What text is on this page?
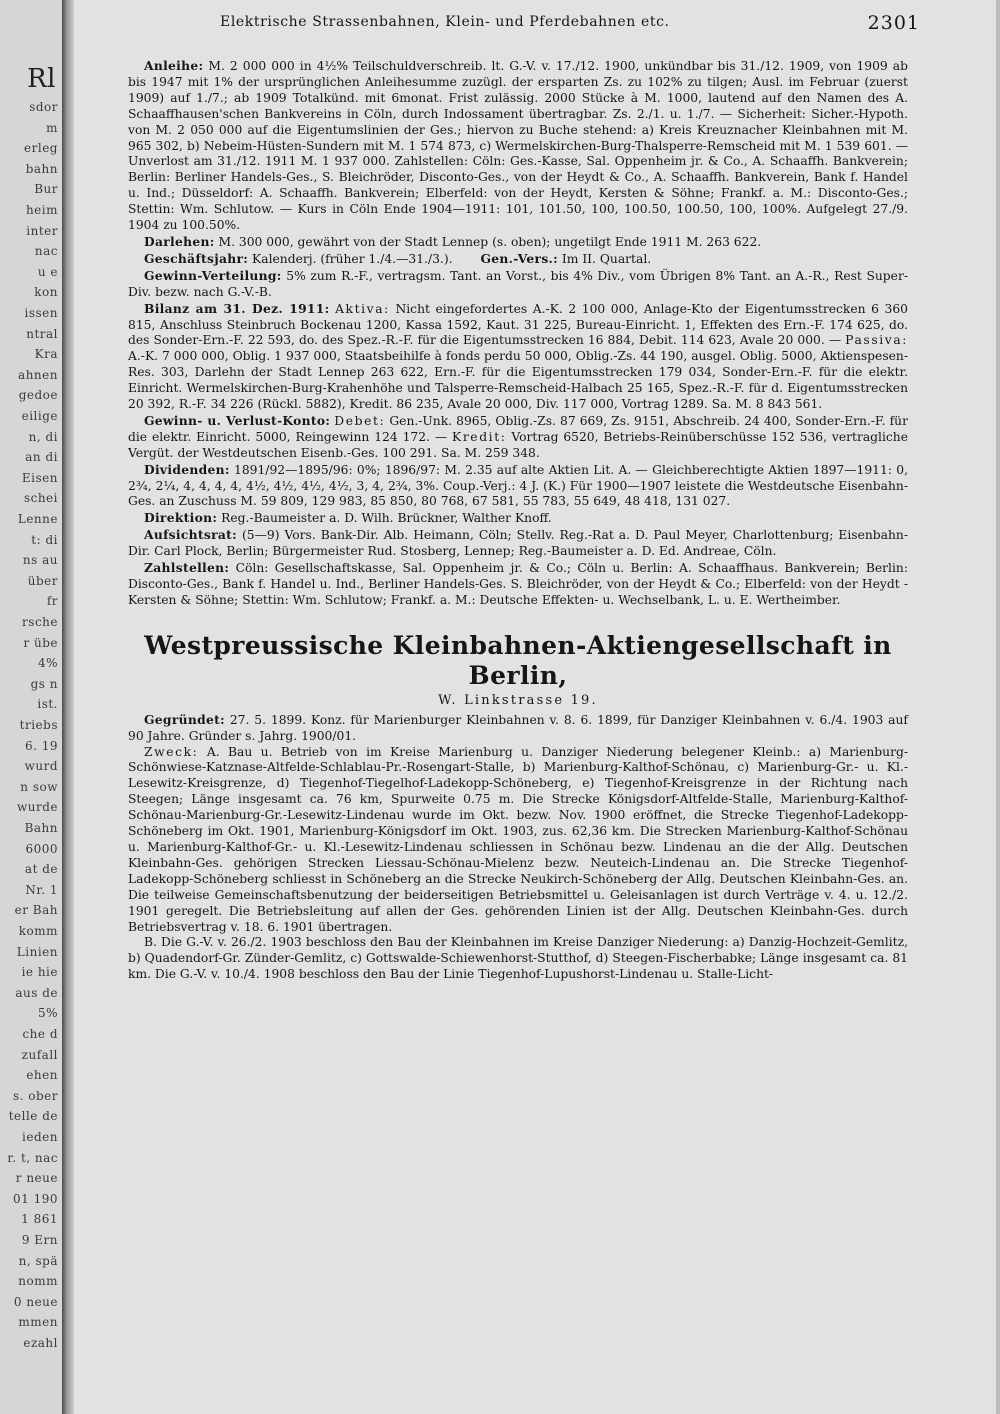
Rl
sdor
m
erleg
bahn
Bur
heim
inter
nac
u e
kon
issen
ntral
Kra
ahnen
gedoe
eilige
n, di
an di
Eisen
schei
Lenne
t: di
ns au
über
fr
rsche
r übe
4%
gs n
ist.
triebs
6. 19
wurd
n sow
wurde
Bahn
6000
at de
Nr. 1
er Bah
komm
Linien
ie hie
aus de
5%
che d
zufall
ehen
s. ober
telle de
ieden
r. t, nac
r neue
01 190
1 861
9 Ern
n, spä
nomm
0 neue
mmen
ezahl
Elektrische Strassenbahnen, Klein- und Pferdebahnen etc.	2301

Anleihe: M. 2 000 000 in 4½% Teilschuldverschreib. lt. G.-V. v. 17./12. 1900, unkündbar bis 31./12. 1909, von 1909 ab bis 1947 mit 1% der ursprünglichen Anleihesumme zuzügl. der ersparten Zs. zu 102% zu tilgen; Ausl. im Februar (zuerst 1909) auf 1./7.; ab 1909 Totalkünd. mit 6monat. Frist zulässig. 2000 Stücke à M. 1000, lautend auf den Namen des A. Schaaffhausen'schen Bankvereins in Cöln, durch Indossament übertragbar. Zs. 2./1. u. 1./7. — Sicherheit: Sicher.-Hypoth. von M. 2 050 000 auf die Eigentumslinien der Ges.; hiervon zu Buche stehend: a) Kreis Kreuznacher Kleinbahnen mit M. 965 302, b) Nebeim-Hüsten-Sundern mit M. 1 574 873, c) Wermelskirchen-Burg-Thalsperre-Remscheid mit M. 1 539 601. — Unverlost am 31./12. 1911 M. 1 937 000. Zahlstellen: Cöln: Ges.-Kasse, Sal. Oppenheim jr. & Co., A. Schaaffh. Bankverein; Berlin: Berliner Handels-Ges., S. Bleichröder, Disconto-Ges., von der Heydt & Co., A. Schaaffh. Bankverein, Bank f. Handel u. Ind.; Düsseldorf: A. Schaaffh. Bankverein; Elberfeld: von der Heydt, Kersten & Söhne; Frankf. a. M.: Disconto-Ges.; Stettin: Wm. Schlutow. — Kurs in Cöln Ende 1904—1911: 101, 101.50, 100, 100.50, 100.50, 100, 100%. Aufgelegt 27./9. 1904 zu 100.50%.

Darlehen: M. 300 000, gewährt von der Stadt Lennep (s. oben); ungetilgt Ende 1911 M. 263 622.

Geschäftsjahr: Kalenderj. (früher 1./4.—31./3.). Gen.-Vers.: Im II. Quartal.

Gewinn-Verteilung: 5% zum R.-F., vertragsm. Tant. an Vorst., bis 4% Div., vom Übrigen 8% Tant. an A.-R., Rest Super-Div. bezw. nach G.-V.-B.

Bilanz am 31. Dez. 1911: Aktiva: Nicht eingefordertes A.-K. 2 100 000, Anlage-Kto der Eigentumsstrecken 6 360 815, Anschluss Steinbruch Bockenau 1200, Kassa 1592, Kaut. 31 225, Bureau-Einricht. 1, Effekten des Ern.-F. 174 625, do. des Sonder-Ern.-F. 22 593, do. des Spez.-R.-F. für die Eigentumsstrecken 16 884, Debit. 114 623, Avale 20 000. — Passiva: A.-K. 7 000 000, Oblig. 1 937 000, Staatsbeihilfe à fonds perdu 50 000, Oblig.-Zs. 44 190, ausgel. Oblig. 5000, Aktienspesen-Res. 303, Darlehn der Stadt Lennep 263 622, Ern.-F. für die Eigentumsstrecken 179 034, Sonder-Ern.-F. für die elektr. Einricht. Wermelskirchen-Burg-Krahenhöhe und Talsperre-Remscheid-Halbach 25 165, Spez.-R.-F. für d. Eigentumsstrecken 20 392, R.-F. 34 226 (Rückl. 5882), Kredit. 86 235, Avale 20 000, Div. 117 000, Vortrag 1289. Sa. M. 8 843 561.

Gewinn- u. Verlust-Konto: Debet: Gen.-Unk. 8965, Oblig.-Zs. 87 669, Zs. 9151, Abschreib. 24 400, Sonder-Ern.-F. für die elektr. Einricht. 5000, Reingewinn 124 172. — Kredit: Vortrag 6520, Betriebs-Reinüberschüsse 152 536, vertragliche Vergüt. der Westdeutschen Eisenb.-Ges. 100 291. Sa. M. 259 348.

Dividenden: 1891/92—1895/96: 0%; 1896/97: M. 2.35 auf alte Aktien Lit. A. — Gleichberechtigte Aktien 1897—1911: 0, 2¾, 2¼, 4, 4, 4, 4, 4½, 4½, 4½, 4½, 3, 4, 2¾, 3%. Coup.-Verj.: 4 J. (K.) Für 1900—1907 leistete die Westdeutsche Eisenbahn-Ges. an Zuschuss M. 59 809, 129 983, 85 850, 80 768, 67 581, 55 783, 55 649, 48 418, 131 027.

Direktion: Reg.-Baumeister a. D. Wilh. Brückner, Walther Knoff.

Aufsichtsrat: (5—9) Vors. Bank-Dir. Alb. Heimann, Cöln; Stellv. Reg.-Rat a. D. Paul Meyer, Charlottenburg; Eisenbahn-Dir. Carl Plock, Berlin; Bürgermeister Rud. Stosberg, Lennep; Reg.-Baumeister a. D. Ed. Andreae, Cöln.

Zahlstellen: Cöln: Gesellschaftskasse, Sal. Oppenheim jr. & Co.; Cöln u. Berlin: A. Schaaffhaus. Bankverein; Berlin: Disconto-Ges., Bank f. Handel u. Ind., Berliner Handels-Ges. S. Bleichröder, von der Heydt & Co.; Elberfeld: von der Heydt - Kersten & Söhne; Stettin: Wm. Schlutow; Frankf. a. M.: Deutsche Effekten- u. Wechselbank, L. u. E. Wertheimber.

Westpreussische Kleinbahnen-Aktiengesellschaft in Berlin,
W. Linkstrasse 19.

Gegründet: 27. 5. 1899. Konz. für Marienburger Kleinbahnen v. 8. 6. 1899, für Danziger Kleinbahnen v. 6./4. 1903 auf 90 Jahre. Gründer s. Jahrg. 1900/01.

Zweck: A. Bau u. Betrieb von im Kreise Marienburg u. Danziger Niederung belegener Kleinb.: a) Marienburg-Schönwiese-Katznase-Altfelde-Schlablau-Pr.-Rosengart-Stalle, b) Marienburg-Kalthof-Schönau, c) Marienburg-Gr.- u. Kl.-Lesewitz-Kreisgrenze, d) Tiegenhof-Tiegelhof-Ladekopp-Schöneberg, e) Tiegenhof-Kreisgrenze in der Richtung nach Steegen; Länge insgesamt ca. 76 km, Spurweite 0.75 m. Die Strecke Königsdorf-Altfelde-Stalle, Marienburg-Kalthof-Schönau-Marienburg-Gr.-Lesewitz-Lindenau wurde im Okt. bezw. Nov. 1900 eröffnet, die Strecke Tiegenhof-Ladekopp-Schöneberg im Okt. 1901, Marienburg-Königsdorf im Okt. 1903, zus. 62,36 km. Die Strecken Marienburg-Kalthof-Schönau u. Marienburg-Kalthof-Gr.- u. Kl.-Lesewitz-Lindenau schliessen in Schönau bezw. Lindenau an die der Allg. Deutschen Kleinbahn-Ges. gehörigen Strecken Liessau-Schönau-Mielenz bezw. Neuteich-Lindenau an. Die Strecke Tiegenhof-Ladekopp-Schöneberg schliesst in Schöneberg an die Strecke Neukirch-Schöneberg der Allg. Deutschen Kleinbahn-Ges. an. Die teilweise Gemeinschaftsbenutzung der beiderseitigen Betriebsmittel u. Geleisanlagen ist durch Verträge v. 4. u. 12./2. 1901 geregelt. Die Betriebsleitung auf allen der Ges. gehörenden Linien ist der Allg. Deutschen Kleinbahn-Ges. durch Betriebsvertrag v. 18. 6. 1901 übertragen.

B. Die G.-V. v. 26./2. 1903 beschloss den Bau der Kleinbahnen im Kreise Danziger Niederung: a) Danzig-Hochzeit-Gemlitz, b) Quadendorf-Gr. Zünder-Gemlitz, c) Gottswalde-Schiewenhorst-Stutthof, d) Steegen-Fischerbabke; Länge insgesamt ca. 81 km. Die G.-V. v. 10./4. 1908 beschloss den Bau der Linie Tiegenhof-Lupushorst-Lindenau u. Stalle-Licht-
